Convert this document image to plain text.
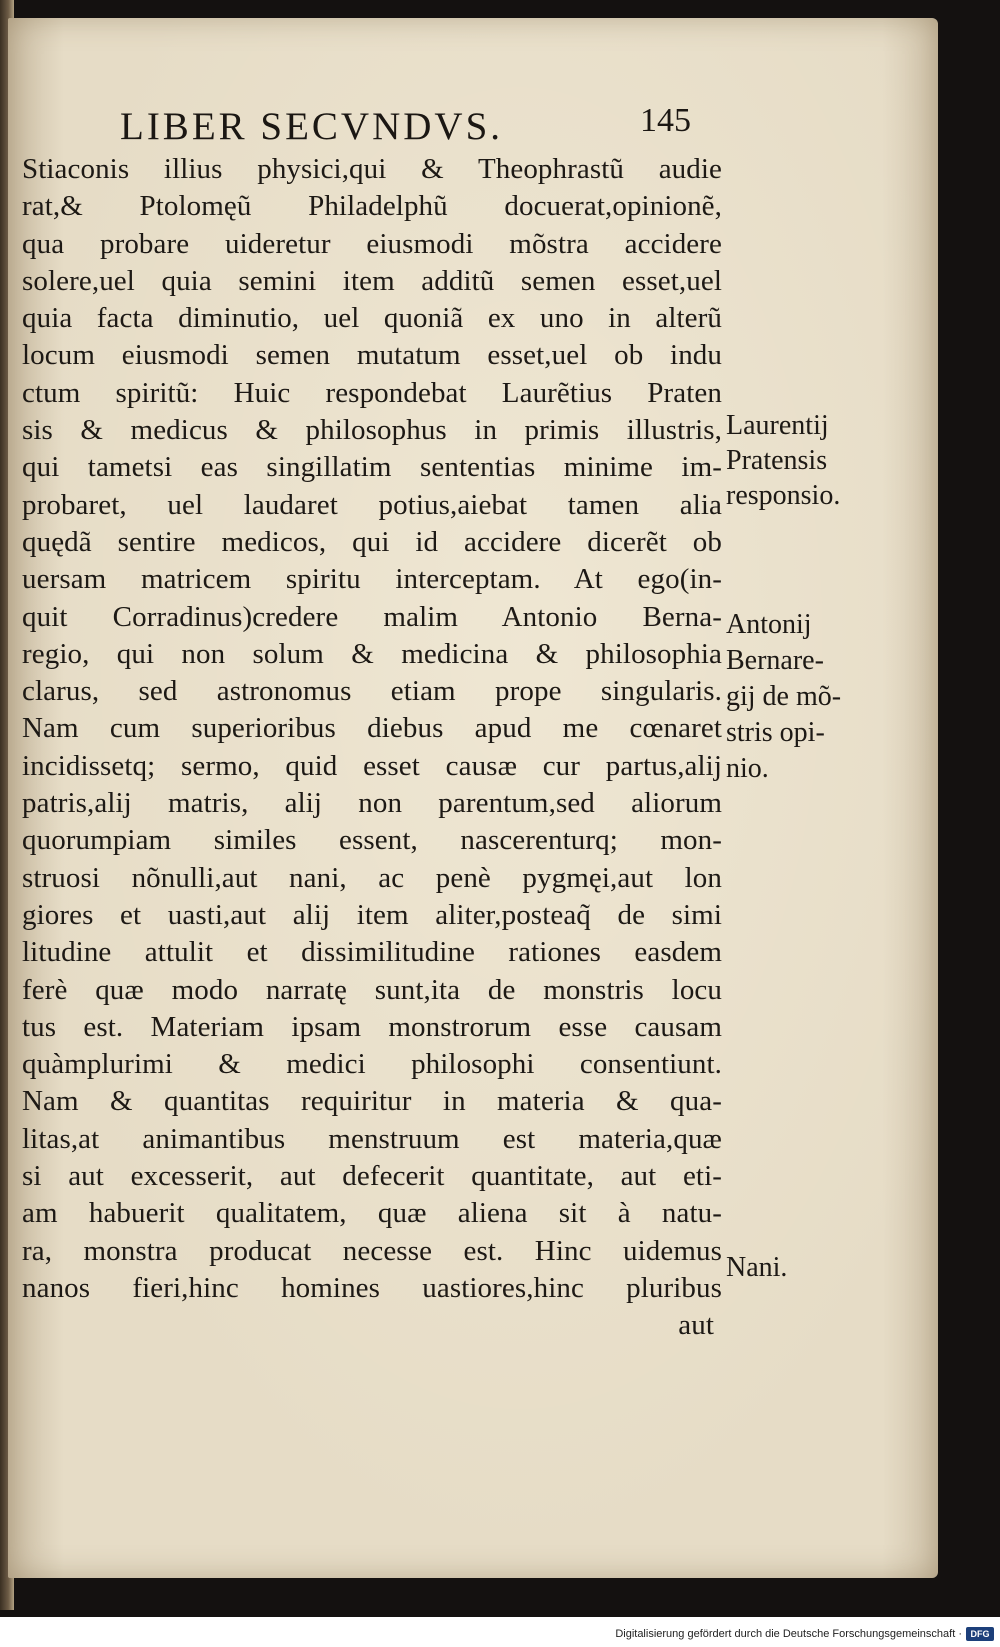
LIBER SECVNDVS.	145
Stiaconis illius physici,qui & Theophrastũ audie
rat,& Ptolomęũ Philadelphũ docuerat,opinionẽ,
qua probare uideretur eiusmodi mõstra accidere
solere,uel quia semini item additũ semen esset,uel
quia facta diminutio, uel quoniã ex uno in alterũ
locum eiusmodi semen mutatum esset,uel ob indu
ctum spiritũ: Huic respondebat Laurẽtius Praten
sis & medicus & philosophus in primis illustris,
qui tametsi eas singillatim sententias minime im-
probaret, uel laudaret potius,aiebat tamen alia
quędã sentire medicos, qui id accidere dicerẽt ob
uersam matricem spiritu interceptam. At ego(in-
quit Corradinus)credere malim Antonio Berna-
regio, qui non solum & medicina & philosophia
clarus, sed astronomus etiam prope singularis.
Nam cum superioribus diebus apud me cœnaret
incidissetq; sermo, quid esset causæ cur partus,alij
patris,alij matris, alij non parentum,sed aliorum
quorumpiam similes essent, nascerenturq; mon-
struosi nõnulli,aut nani, ac penè pygmęi,aut lon
giores et uasti,aut alij item aliter,posteaq̃ de simi
litudine attulit et dissimilitudine rationes easdem
ferè quæ modo narratę sunt,ita de monstris locu
tus est. Materiam ipsam monstrorum esse causam
quàmplurimi & medici philosophi consentiunt.
Nam & quantitas requiritur in materia & qua-
litas,at animantibus menstruum est materia,quæ
si aut excesserit, aut defecerit quantitate, aut eti-
am habuerit qualitatem, quæ aliena sit à natu-
ra, monstra producat necesse est. Hinc uidemus
nanos fieri,hinc homines uastiores,hinc pluribus
aut
Laurentij
Pratensis
responsio.
Antonij
Bernare-
gij de mõ-
stris opi-
nio.
Nani.
Digitalisierung gefördert durch die Deutsche Forschungsgemeinschaft · DFG
